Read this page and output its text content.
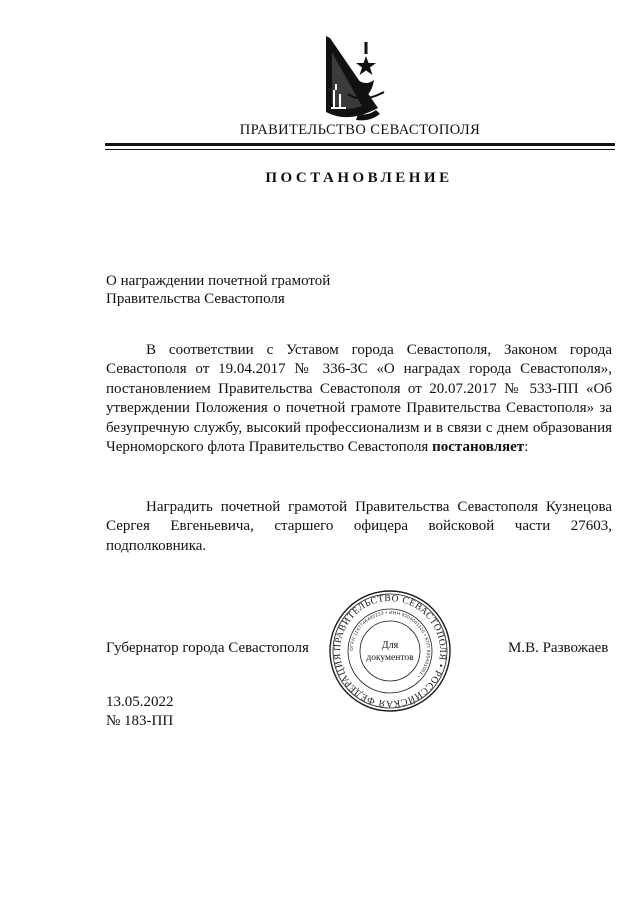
ПРАВИТЕЛЬСТВО СЕВАСТОПОЛЯ
ПОСТАНОВЛЕНИЕ
О награждении почетной грамотой
Правительства Севастополя

В соответствии с Уставом города Севастополя, Законом города Севастополя от 19.04.2017 № 336-ЗС «О наградах города Севастополя», постановлением Правительства Севастополя от 20.07.2017 № 533-ПП «Об утверждении Положения о почетной грамоте Правительства Севастополя» за безупречную службу, высокий профессионализм и в связи с днем образования Черноморского флота Правительство Севастополя постановляет:

Наградить почетной грамотой Правительства Севастополя Кузнецова Сергея Евгеньевича, старшего офицера войсковой части 27603, подполковника.

Губернатор города Севастополя	ПРАВИТЕЛЬСТВО СЕВАСТОПОЛЯ • РОССИЙСКАЯ ФЕДЕРАЦИЯ
ОГРН 1147746405223 • ИНН 9204001120 • КПП 920401001 •
Для
документов
М.В. Развожаев
13.05.2022
№ 183-ПП
